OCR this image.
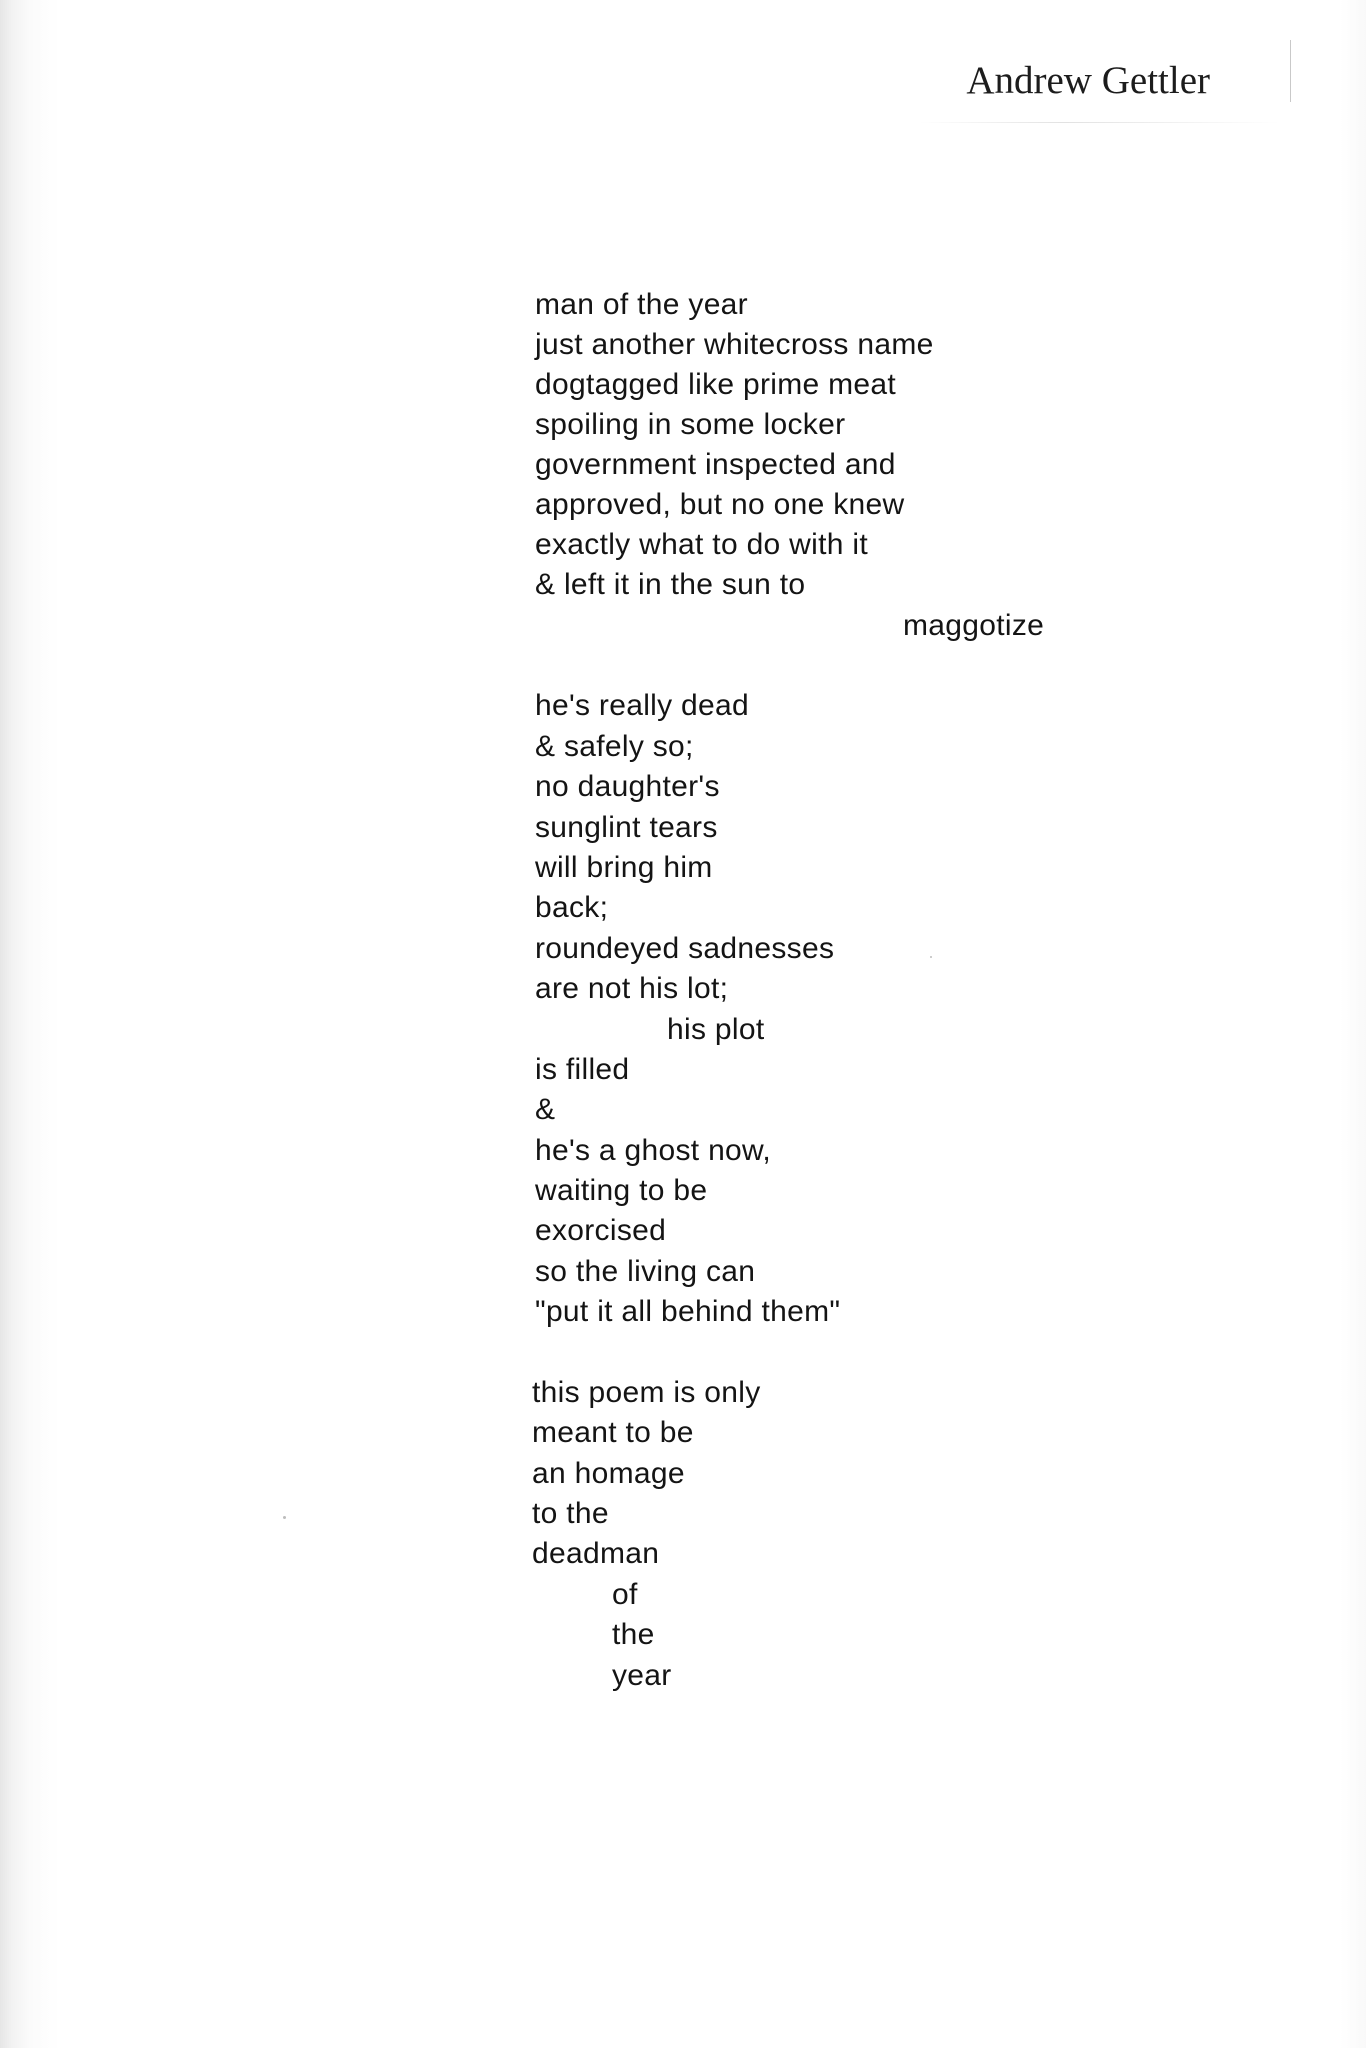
Andrew Gettler
man of the year
just another whitecross name
dogtagged like prime meat
spoiling in some locker
government inspected and
approved, but no one knew
exactly what to do with it
& left it in the sun to
maggotize
he's really dead
& safely so;
no daughter's
sunglint tears
will bring him
back;
roundeyed sadnesses
are not his lot;
his plot
is filled
&
he's a ghost now,
waiting to be
exorcised
so the living can
"put it all behind them"
this poem is only
meant to be
an homage
to the
deadman
of
the
year
